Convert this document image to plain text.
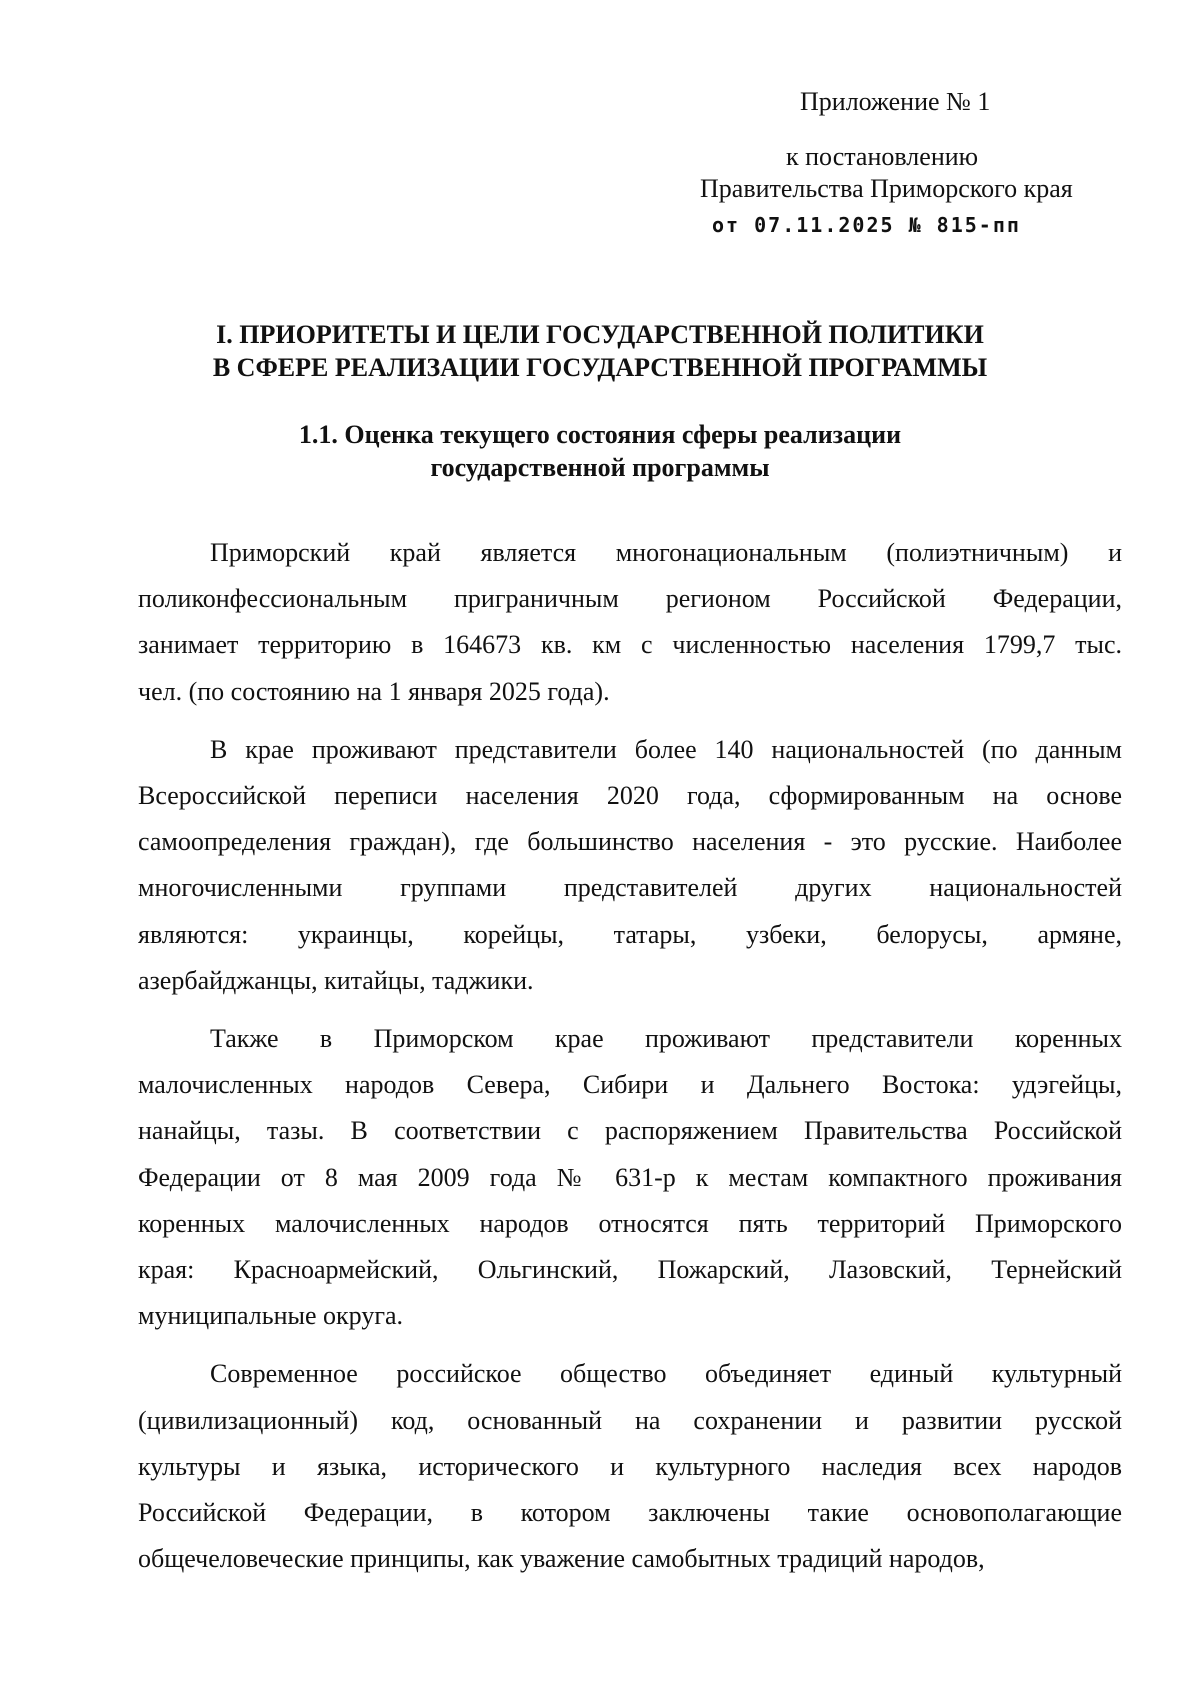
Приложение № 1
к постановлению
Правительства Приморского края
от 07.11.2025 № 815-пп
I. ПРИОРИТЕТЫ И ЦЕЛИ ГОСУДАРСТВЕННОЙ ПОЛИТИКИ
В СФЕРЕ РЕАЛИЗАЦИИ ГОСУДАРСТВЕННОЙ ПРОГРАММЫ
1.1. Оценка текущего состояния сферы реализации
государственной программы

Приморский край является многонациональным (полиэтничным) и
поликонфессиональным приграничным регионом Российской Федерации,
занимает территорию в 164673 кв. км с численностью населения 1799,7 тыс.
чел. (по состоянию на 1 января 2025 года).

В крае проживают представители более 140 национальностей (по данным
Всероссийской переписи населения 2020 года, сформированным на основе
самоопределения граждан), где большинство населения - это русские. Наиболее
многочисленными группами представителей других национальностей
являются: украинцы, корейцы, татары, узбеки, белорусы, армяне,
азербайджанцы, китайцы, таджики.

Также в Приморском крае проживают представители коренных
малочисленных народов Севера, Сибири и Дальнего Востока: удэгейцы,
нанайцы, тазы. В соответствии с распоряжением Правительства Российской
Федерации от 8 мая 2009 года № 631-р к местам компактного проживания
коренных малочисленных народов относятся пять территорий Приморского
края: Красноармейский, Ольгинский, Пожарский, Лазовский, Тернейский
муниципальные округа.

Современное российское общество объединяет единый культурный
(цивилизационный) код, основанный на сохранении и развитии русской
культуры и языка, исторического и культурного наследия всех народов
Российской Федерации, в котором заключены такие основополагающие
общечеловеческие принципы, как уважение самобытных традиций народов,
